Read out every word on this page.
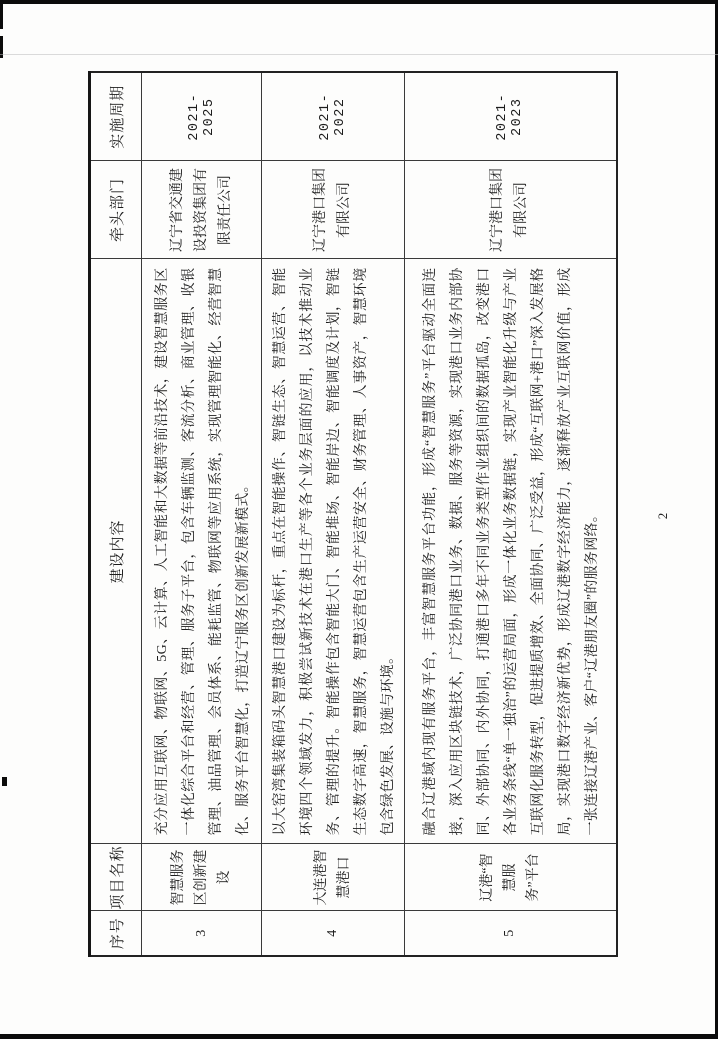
序号	项目名称	建设内容	牵头部门	实施周期
3	智慧服务区创新建设	充分应用互联网、物联网、5G、云计算、人工智能和大数据等前沿技术，建设智慧服务区一体化综合平台和经营、管理、服务子平台，包含车辆监测、客流分析、商业管理、收银管理、油品管理、会员体系、能耗监管、物联网等应用系统，实现管理智能化、经营智慧化、服务平台智慧化，打造辽宁服务区创新发展新模式。	辽宁省交通建设投资集团有限责任公司	2021-2025
4	大连港智慧港口	以大窑湾集装箱码头智慧港口建设为标杆，重点在智能操作、智链生态、智慧运营、智能环境四个领域发力，积极尝试新技术在港口生产等各个业务层面的应用，以技术推动业务、管理的提升。智能操作包含智能大门、智能堆场、智能岸边、智能调度及计划，智链生态数字高速，智慧服务，智慧运营包含生产运营安全、财务管理、人事资产，智慧环境包含绿色发展、设施与环境。	辽宁港口集团有限公司	2021-2022
5	辽港“智慧服务”平台	融合辽港域内现有服务平台，丰富智慧服务平台功能，形成“智慧服务”平台驱动全面连接，深入应用区块链技术，广泛协同港口业务、数据、服务等资源，实现港口业务内部协同、外部协同、内外协同，打通港口多年不同业务类型作业组织间的数据孤岛，改变港口各业务条线“单一独治”的运营局面，形成一体化业务数据链，实现产业智能化升级与产业互联网化服务转型，促进提质增效、全面协同、广泛受益，形成“互联网+港口”深入发展格局，实现港口数字经济新优势，形成辽港数字经济能力，逐渐释放产业互联网价值，形成一张连接辽港产业、客户“辽港朋友圈”的服务网络。	辽宁港口集团有限公司	2021-2023
2
